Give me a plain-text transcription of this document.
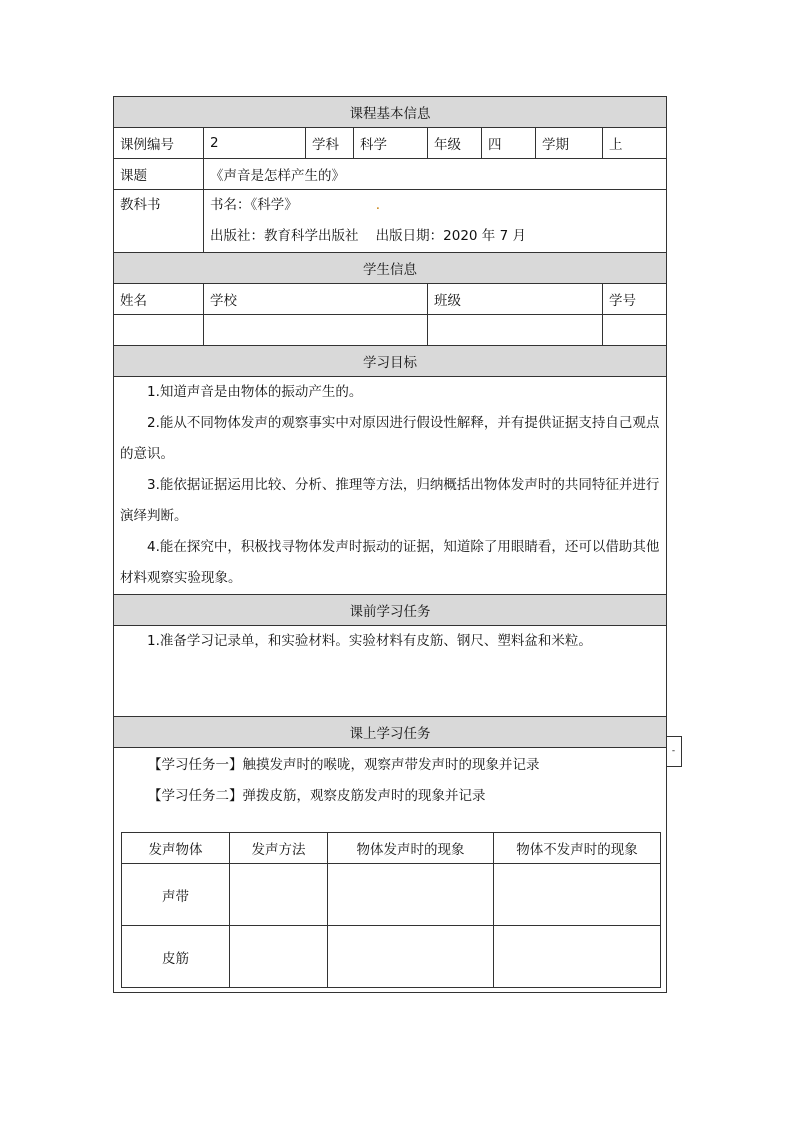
课程基本信息
课例编号	2	学科	科学	年级	四	学期	上
课题	《声音是怎样产生的》

教科书	书名：《科学》	.
出版社：教育科学出版社    出版日期：2020 年 7 月

学生信息
姓名	学校	班级	学号

学习目标

1.知道声音是由物体的振动产生的。

2.能从不同物体发声的观察事实中对原因进行假设性解释，并有提供证据支持自己观点的意识。

3.能依据证据运用比较、分析、推理等方法，归纳概括出物体发声时的共同特征并进行演绎判断。

4.能在探究中，积极找寻物体发声时振动的证据，知道除了用眼睛看，还可以借助其他材料观察实验现象。

课前学习任务

1.准备学习记录单，和实验材料。实验材料有皮筋、钢尺、塑料盆和米粒。

课上学习任务

【学习任务一】触摸发声时的喉咙，观察声带发声时的现象并记录

【学习任务二】弹拨皮筋，观察皮筋发声时的现象并记录

发声物体	发声方法	物体发声时的现象	物体不发声时的现象
声带			
皮筋			
-
